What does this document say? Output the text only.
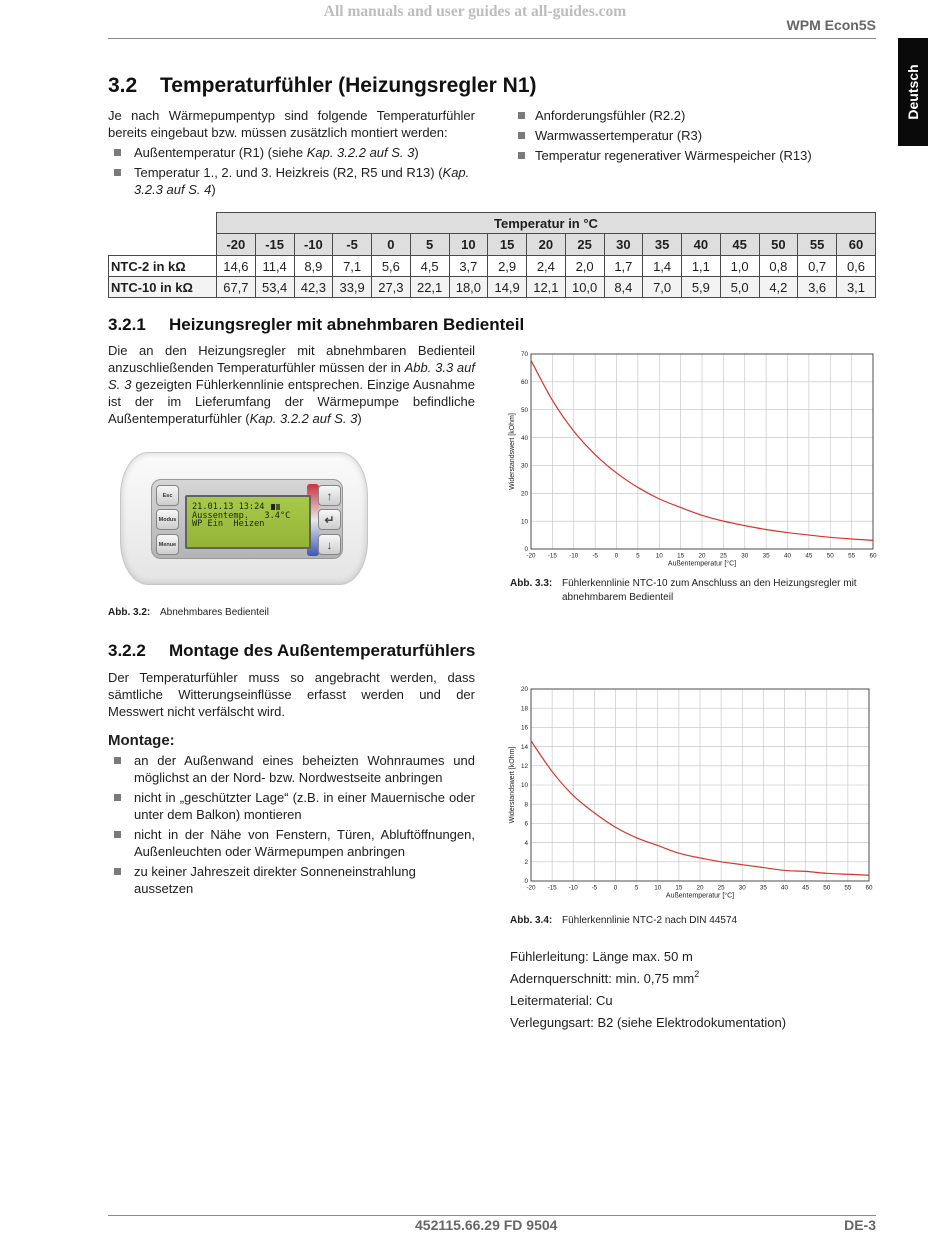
All manuals and user guides at all-guides.com
WPM Econ5S
Deutsch
3.2 Temperaturfühler (Heizungsregler N1)

Je nach Wärmepumpentyp sind folgende Temperaturfühler bereits eingebaut bzw. müssen zusätzlich montiert werden:

Außentemperatur (R1) (siehe Kap. 3.2.2 auf S. 3)
Temperatur 1., 2. und 3. Heizkreis (R2, R5 und R13) (Kap. 3.2.3 auf S. 4)
Anforderungsfühler (R2.2)
Warmwassertemperatur (R3)
Temperatur regenerativer Wärmespeicher (R13)
	Temperatur in °C																
	-20	-15	-10	-5	0	5	10	15	20	25	30	35	40	45	50	55	60
NTC-2 in kΩ	14,6	11,4	8,9	7,1	5,6	4,5	3,7	2,9	2,4	2,0	1,7	1,4	1,1	1,0	0,8	0,7	0,6
NTC-10 in kΩ	67,7	53,4	42,3	33,9	27,3	22,1	18,0	14,9	12,1	10,0	8,4	7,0	5,9	5,0	4,2	3,6	3,1
3.2.1 Heizungsregler mit abnehmbaren Bedienteil

Die an den Heizungsregler mit abnehmbaren Bedienteil anzuschließenden Temperaturfühler müssen der in Abb. 3.3 auf S. 3 gezeigten Fühlerkennlinie entsprechen. Einzige Ausnahme ist der im Lieferumfang der Wärmepumpe befindliche Außentemperaturfühler (Kap. 3.2.2 auf S. 3)

Esc
Modus
Menue
21.01.13 13:24
Aussentemp.   3.4°C
WP Ein  Heizen
↑
↵
↓
Abb. 3.2: Abnehmbares Bedienteil
-20 -15 -10 -5	0	5	10 15 20 25 30 35 40 45 50 55 60
0
10
20
30
40
50
60
70
Außentemperatur [°C]
Widerstandswert [kOhm]
Abb. 3.3: Fühlerkennlinie NTC-10 zum Anschluss an den Heizungsregler mit abnehmbarem Bedienteil
3.2.2 Montage des Außentemperaturfühlers

Der Temperaturfühler muss so angebracht werden, dass sämtliche Witterungseinflüsse erfasst werden und der Messwert nicht verfälscht wird.

Montage:
an der Außenwand eines beheizten Wohnraumes und möglichst an der Nord- bzw. Nordwestseite anbringen
nicht in „geschützter Lage“ (z.B. in einer Mauernische oder unter dem Balkon) montieren
nicht in der Nähe von Fenstern, Türen, Abluftöffnungen, Außenleuchten oder Wärmepumpen anbringen
zu keiner Jahreszeit direkter Sonneneinstrahlung aussetzen	-20 -15 -10 -5	0	5	10 15 20 25 30 35 40 45 50 55 60
0
2
4
6
8
10
12
14
16
18
20
Außentemperatur [°C]
Widerstandswert [kOhm]
Abb. 3.4: Fühlerkennlinie NTC-2 nach DIN 44574
Fühlerleitung: Länge max. 50 m
Adernquerschnitt: min. 0,75 $mm^2$
Leitermaterial: Cu
Verlegungsart: B2 (siehe Elektrodokumentation)
452115.66.29 FD 9504	DE-3
